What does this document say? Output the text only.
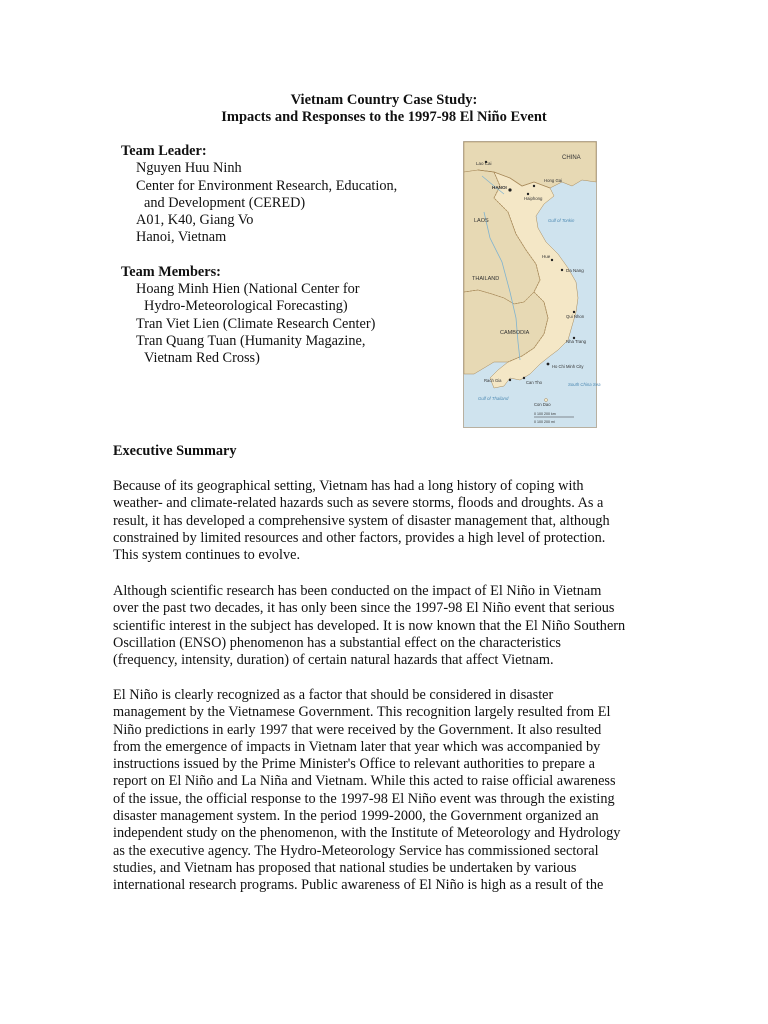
Vietnam Country Case Study:
Impacts and Responses to the 1997-98 El Niño Event
Team Leader:
Nguyen Huu Ninh
Center for Environment Research, Education,
and Development (CERED)
A01, K40, Giang Vo
Hanoi, Vietnam
Team Members:
Hoang Minh Hien (National Center for
Hydro-Meteorological Forecasting)
Tran Viet Lien (Climate Research Center)
Tran Quang Tuan (Humanity Magazine,
Vietnam Red Cross)
CHINA
Lao Cai
HANOI
Hong Gai
Haiphong
LAOS	Gulf of Tonkin
Hue
Da Nang
THAILAND
Qui Nhon
CAMBODIA
Nha Trang
Ho Chi Minh City
Rach Gia	Can Tho	South China Sea
Gulf of Thailand
Con Dao
0 100 200 km
0 100 200 mi
Executive Summary

Because of its geographical setting, Vietnam has had a long history of coping with

weather- and climate-related hazards such as severe storms, floods and droughts. As a

result, it has developed a comprehensive system of disaster management that, although

constrained by limited resources and other factors, provides a high level of protection.

This system continues to evolve.

Although scientific research has been conducted on the impact of El Niño in Vietnam

over the past two decades, it has only been since the 1997-98 El Niño event that serious

scientific interest in the subject has developed. It is now known that the El Niño Southern

Oscillation (ENSO) phenomenon has a substantial effect on the characteristics

(frequency, intensity, duration) of certain natural hazards that affect Vietnam.

El Niño is clearly recognized as a factor that should be considered in disaster

management by the Vietnamese Government. This recognition largely resulted from El

Niño predictions in early 1997 that were received by the Government. It also resulted

from the emergence of impacts in Vietnam later that year which was accompanied by

instructions issued by the Prime Minister's Office to relevant authorities to prepare a

report on El Niño and La Niña and Vietnam. While this acted to raise official awareness

of the issue, the official response to the 1997-98 El Niño event was through the existing

disaster management system. In the period 1999-2000, the Government organized an

independent study on the phenomenon, with the Institute of Meteorology and Hydrology

as the executive agency. The Hydro-Meteorology Service has commissioned sectoral

studies, and Vietnam has proposed that national studies be undertaken by various

international research programs. Public awareness of El Niño is high as a result of the
